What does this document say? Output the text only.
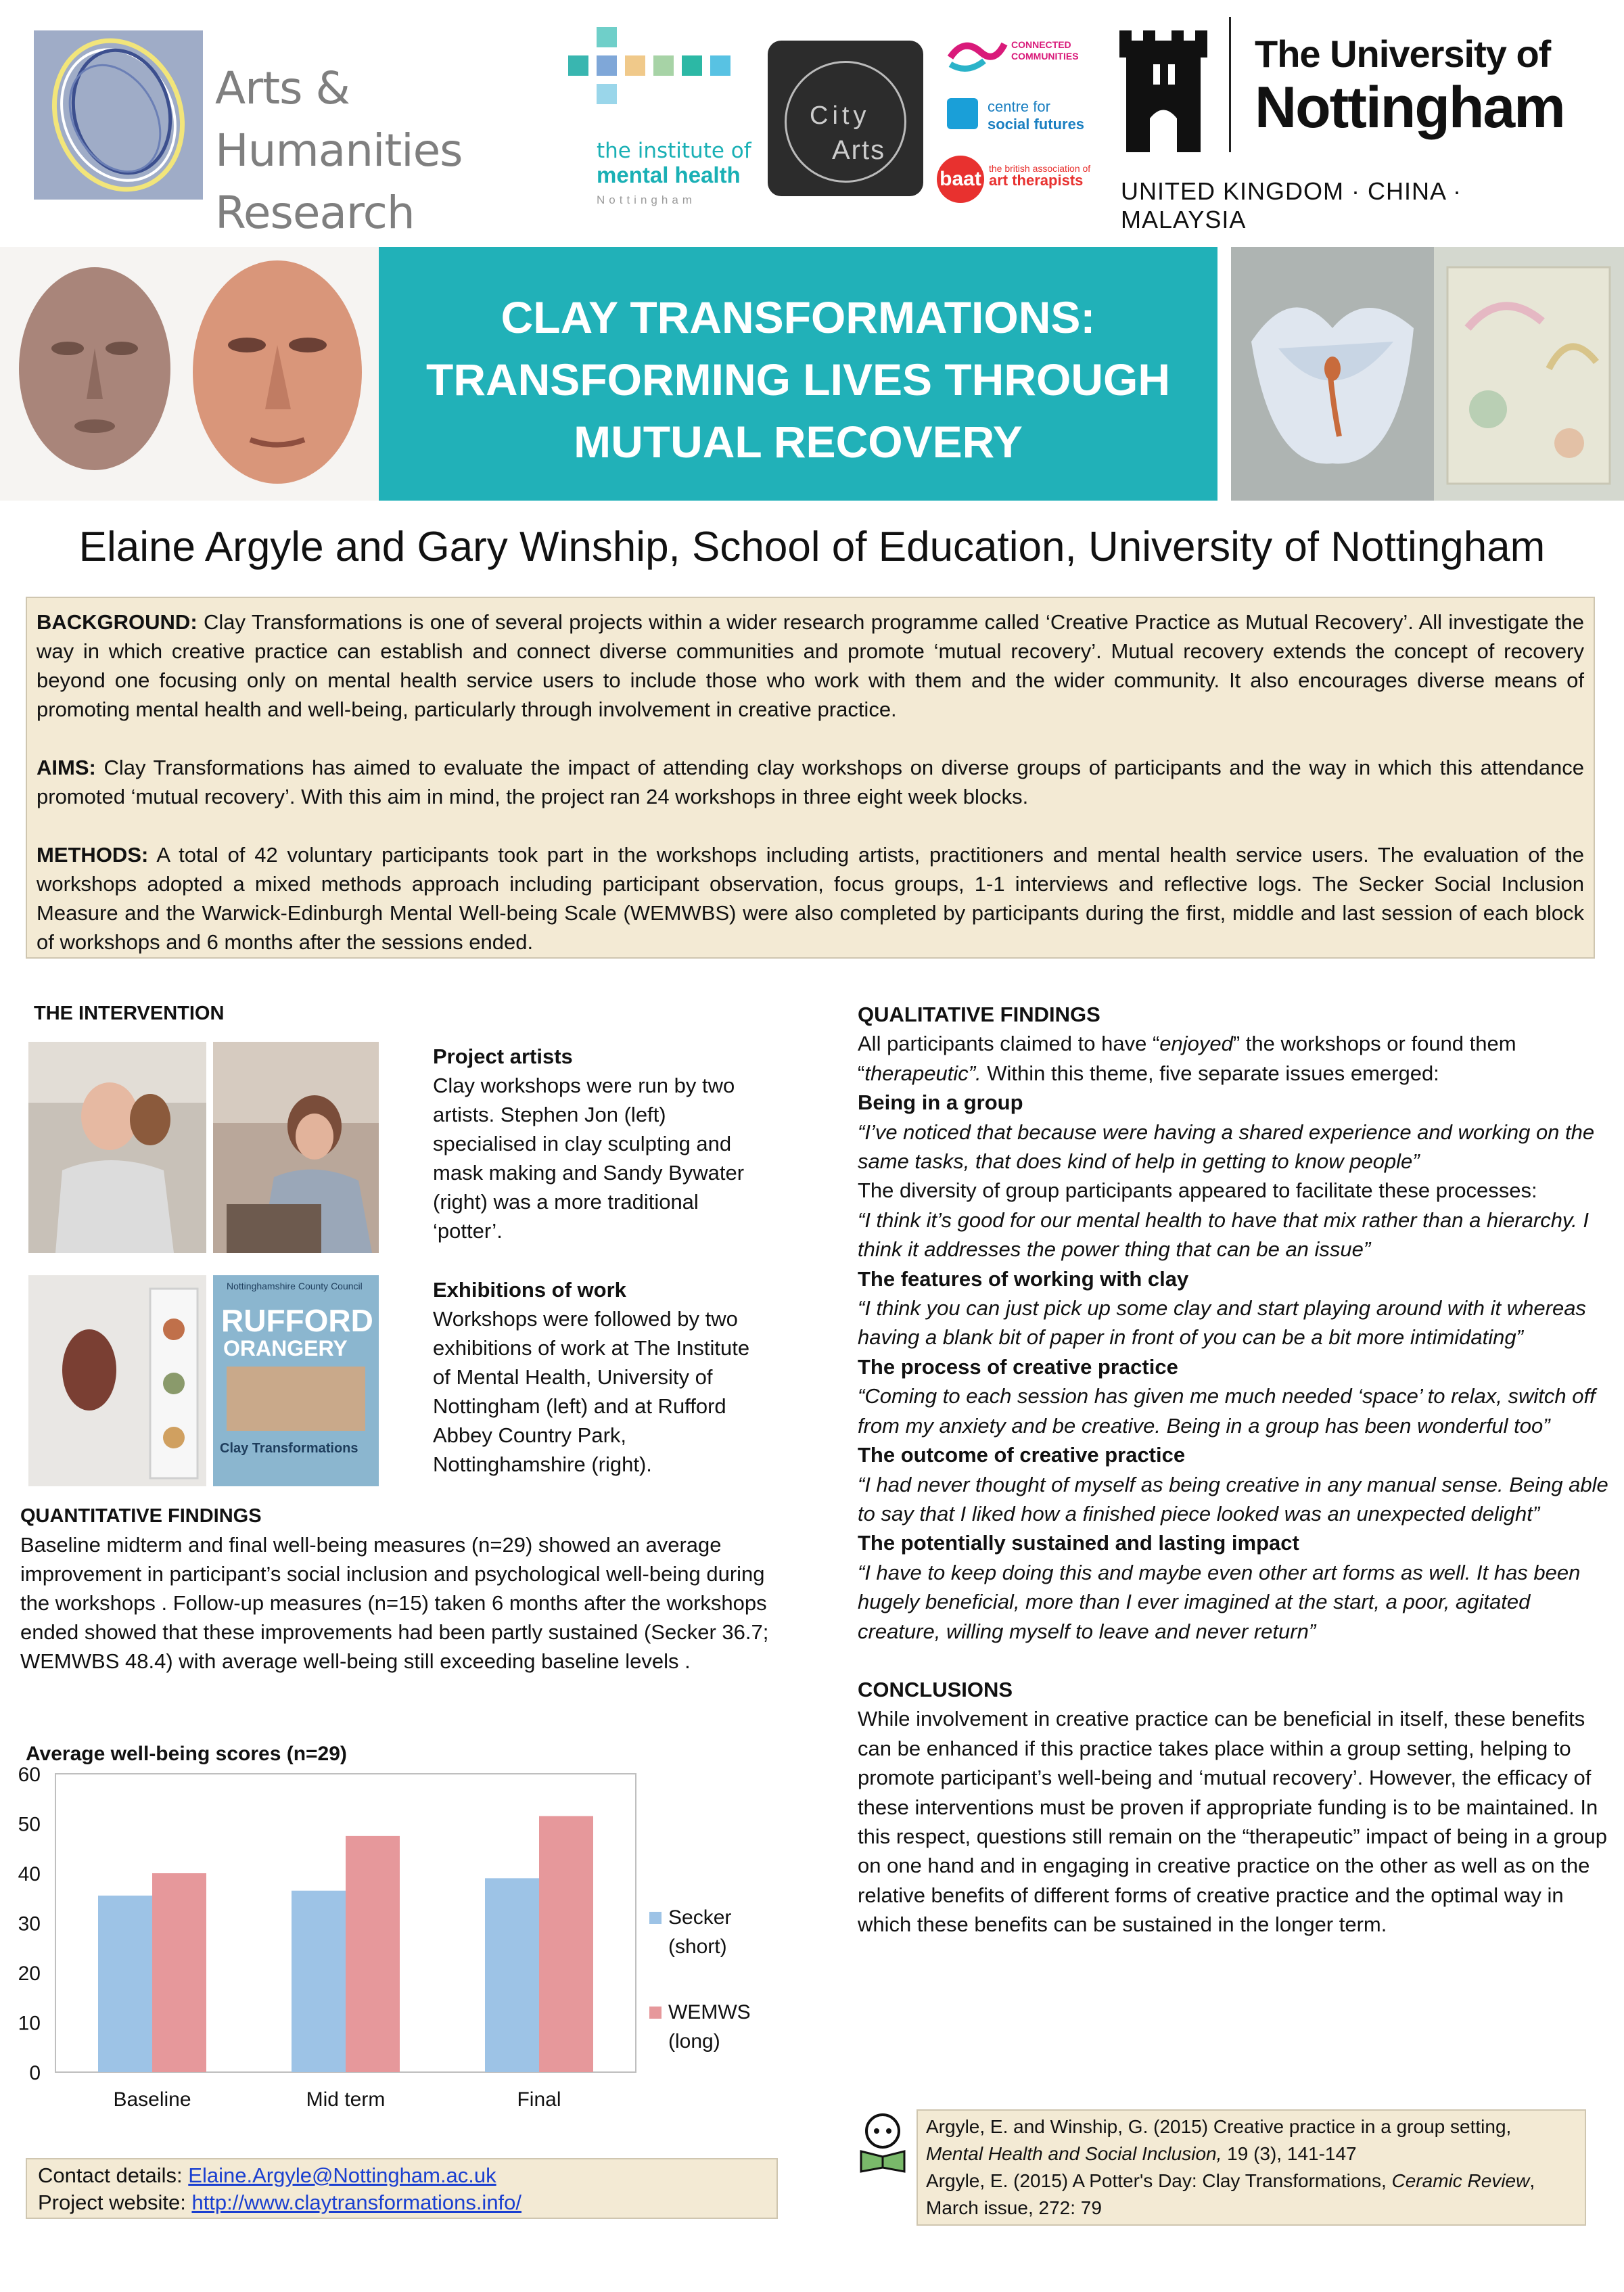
Arts & Humanities
Research
the institute of
mental health
Nottingham
City
Arts
CONNECTED
COMMUNITIES
centre for
social futures
baat the british association of
art therapists
The University of
Nottingham
UNITED KINGDOM · CHINA · MALAYSIA
CLAY TRANSFORMATIONS:
TRANSFORMING LIVES THROUGH
MUTUAL RECOVERY
Elaine Argyle and Gary Winship, School of Education, University of Nottingham

BACKGROUND: Clay Transformations is one of several projects within a wider research programme called ‘Creative Practice as Mutual Recovery’. All investigate the way in which creative practice can establish and connect diverse communities and promote ‘mutual recovery’. Mutual recovery extends the concept of recovery beyond one focusing only on mental health service users to include those who work with them and the wider community. It also encourages diverse means of promoting mental health and well-being, particularly through involvement in creative practice.

AIMS: Clay Transformations has aimed to evaluate the impact of attending clay workshops on diverse groups of participants and the way in which this attendance promoted ‘mutual recovery’. With this aim in mind, the project ran 24 workshops in three eight week blocks.

METHODS: A total of 42 voluntary participants took part in the workshops including artists, practitioners and mental health service users. The evaluation of the workshops adopted a mixed methods approach including participant observation, focus groups, 1-1 interviews and reflective logs. The Secker Social Inclusion Measure and the Warwick-Edinburgh Mental Well-being Scale (WEMWBS) were also completed by participants during the first, middle and last session of each block of workshops and 6 months after the sessions ended.

THE INTERVENTION
Project artists
Clay workshops were run by two artists. Stephen Jon (left) specialised in clay sculpting and mask making and Sandy Bywater (right) was a more traditional ‘potter’.
Nottinghamshire County Council
RUFFORD
ORANGERY
Clay Transformations
Exhibitions of work
Workshops were followed by two exhibitions of work at The Institute of Mental Health, University of Nottingham (left) and at Rufford Abbey Country Park, Nottinghamshire (right).
QUANTITATIVE FINDINGS
Baseline midterm and final well-being measures (n=29) showed an average improvement in participant’s social inclusion and psychological well-being during the workshops . Follow-up measures (n=15) taken 6 months after the workshops ended showed that these improvements had been partly sustained (Secker 36.7; WEMWBS 48.4) with average well-being still exceeding baseline levels .
Average well-being scores (n=29)
0
10
20
30
40
50
60
Baseline	Mid term	Final
Secker
(short)
WEMWS
(long)
Contact details: Elaine.Argyle@Nottingham.ac.uk
Project website: http://www.claytransformations.info/
QUALITATIVE FINDINGS
All participants claimed to have “enjoyed” the workshops or found them “therapeutic”. Within this theme, five separate issues emerged:
Being in a group
“I’ve noticed that because were having a shared experience and working on the same tasks, that does kind of help in getting to know people”
The diversity of group participants appeared to facilitate these processes:
“I think it’s good for our mental health to have that mix rather than a hierarchy. I think it addresses the power thing that can be an issue”
The features of working with clay
“I think you can just pick up some clay and start playing around with it whereas having a blank bit of paper in front of you can be a bit more intimidating”
The process of creative practice
“Coming to each session has given me much needed ‘space’ to relax, switch off from my anxiety and be creative. Being in a group has been wonderful too”
The outcome of creative practice
“I had never thought of myself as being creative in any manual sense. Being able to say that I liked how a finished piece looked was an unexpected delight”
The potentially sustained and lasting impact
“I have to keep doing this and maybe even other art forms as well. It has been hugely beneficial, more than I ever imagined at the start, a poor, agitated creature, willing myself to leave and never return”
CONCLUSIONS
While involvement in creative practice can be beneficial in itself, these benefits can be enhanced if this practice takes place within a group setting, helping to promote participant’s well-being and ‘mutual recovery’. However, the efficacy of these interventions must be proven if appropriate funding is to be maintained. In this respect, questions still remain on the “therapeutic” impact of being in a group on one hand and in engaging in creative practice on the other as well as on the relative benefits of different forms of creative practice and the optimal way in which these benefits can be sustained in the longer term.
Argyle, E. and Winship, G. (2015) Creative practice in a group setting,
Mental Health and Social Inclusion, 19 (3), 141-147
Argyle, E. (2015) A Potter's Day: Clay Transformations, Ceramic Review, March issue, 272: 79
